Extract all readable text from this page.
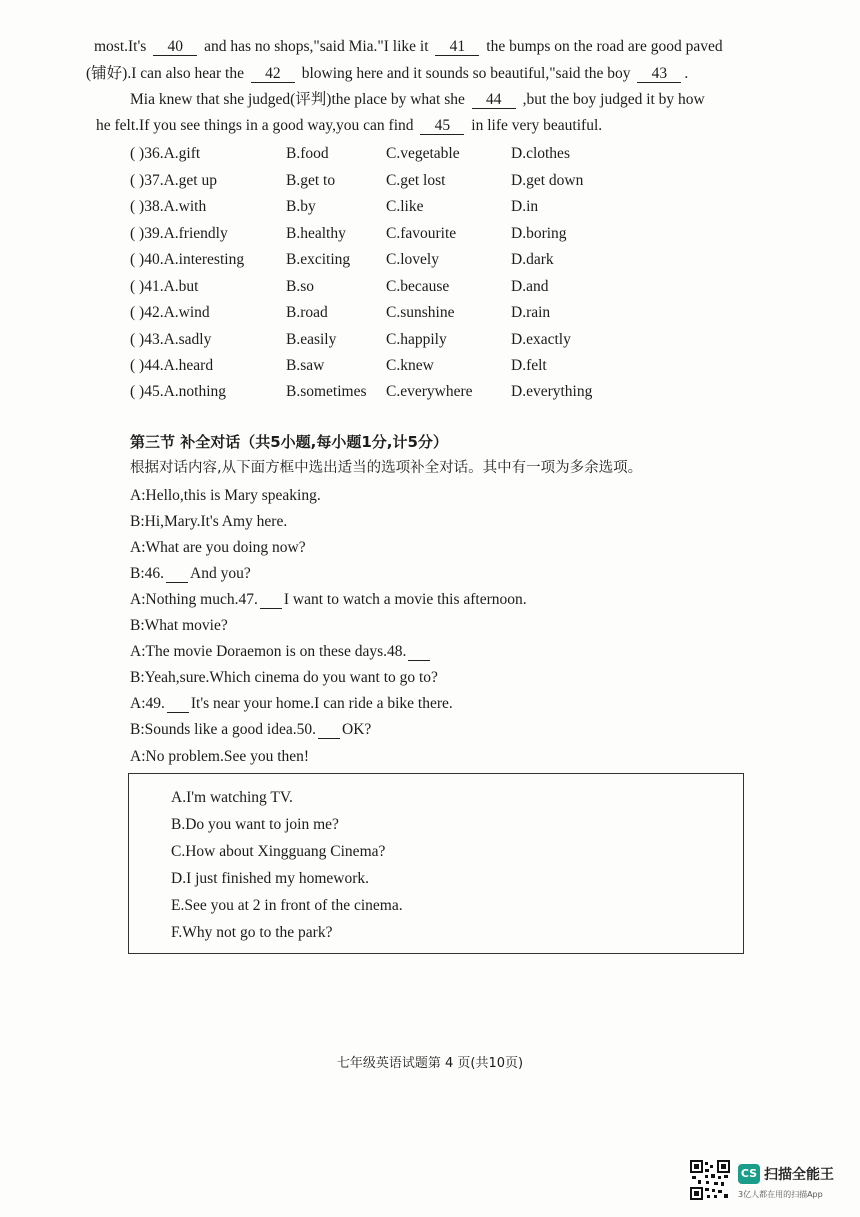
most.It's 40 and has no shops,"said Mia."I like it 41 the bumps on the road are good paved
(铺好).I can also hear the 42 blowing here and it sounds so beautiful,"said the boy 43 .
Mia knew that she judged(评判)the place by what she 44 ,but the boy judged it by how
he felt.If you see things in a good way,you can find 45 in life very beautiful.
( )36.A.gift	B.food	C.vegetable	D.clothes
( )37.A.get up	B.get to	C.get lost	D.get down
( )38.A.with	B.by	C.like	D.in
( )39.A.friendly	B.healthy	C.favourite	D.boring
( )40.A.interesting	B.exciting C.lovely	D.dark
( )41.A.but	B.so	C.because	D.and
( )42.A.wind	B.road	C.sunshine	D.rain
( )43.A.sadly	B.easily	C.happily	D.exactly
( )44.A.heard	B.saw	C.knew	D.felt
( )45.A.nothing	B.sometimes C.everywhere D.everything
第三节 补全对话（共5小题,每小题1分,计5分）
根据对话内容,从下面方框中选出适当的选项补全对话。其中有一项为多余选项。
A:Hello,this is Mary speaking.
B:Hi,Mary.It's Amy here.
A:What are you doing now?
B:46. And you?
A:Nothing much.47. I want to watch a movie this afternoon.
B:What movie?
A:The movie Doraemon is on these days.48.
B:Yeah,sure.Which cinema do you want to go to?
A:49. It's near your home.I can ride a bike there.
B:Sounds like a good idea.50. OK?
A:No problem.See you then!
A.I'm watching TV.
B.Do you want to join me?
C.How about Xingguang Cinema?
D.I just finished my homework.
E.See you at 2 in front of the cinema.
F.Why not go to the park?
七年级英语试题第 4 页(共10页)
CS 扫描全能王
3亿人都在用的扫描App
